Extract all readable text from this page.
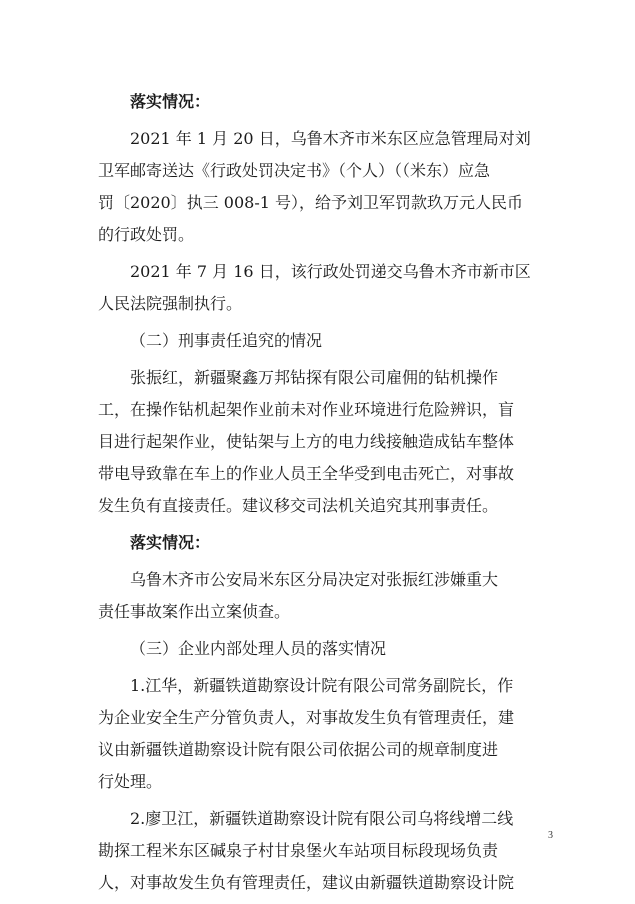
落实情况：
2021 年 1 月 20 日，乌鲁木齐市米东区应急管理局对刘
卫军邮寄送达《行政处罚决定书》（个人）（（米东）应急
罚〔2020〕执三 008-1 号），给予刘卫军罚款玖万元人民币
的行政处罚。
2021 年 7 月 16 日，该行政处罚递交乌鲁木齐市新市区
人民法院强制执行。
（二）刑事责任追究的情况
张振红，新疆聚鑫万邦钻探有限公司雇佣的钻机操作
工，在操作钻机起架作业前未对作业环境进行危险辨识，盲
目进行起架作业，使钻架与上方的电力线接触造成钻车整体
带电导致靠在车上的作业人员王全华受到电击死亡，对事故
发生负有直接责任。建议移交司法机关追究其刑事责任。
落实情况：
乌鲁木齐市公安局米东区分局决定对张振红涉嫌重大
责任事故案作出立案侦查。
（三）企业内部处理人员的落实情况
1.江华，新疆铁道勘察设计院有限公司常务副院长，作
为企业安全生产分管负责人，对事故发生负有管理责任，建
议由新疆铁道勘察设计院有限公司依据公司的规章制度进
行处理。
2.廖卫江，新疆铁道勘察设计院有限公司乌将线增二线
勘探工程米东区碱泉子村甘泉堡火车站项目标段现场负责
人，对事故发生负有管理责任，建议由新疆铁道勘察设计院
3
